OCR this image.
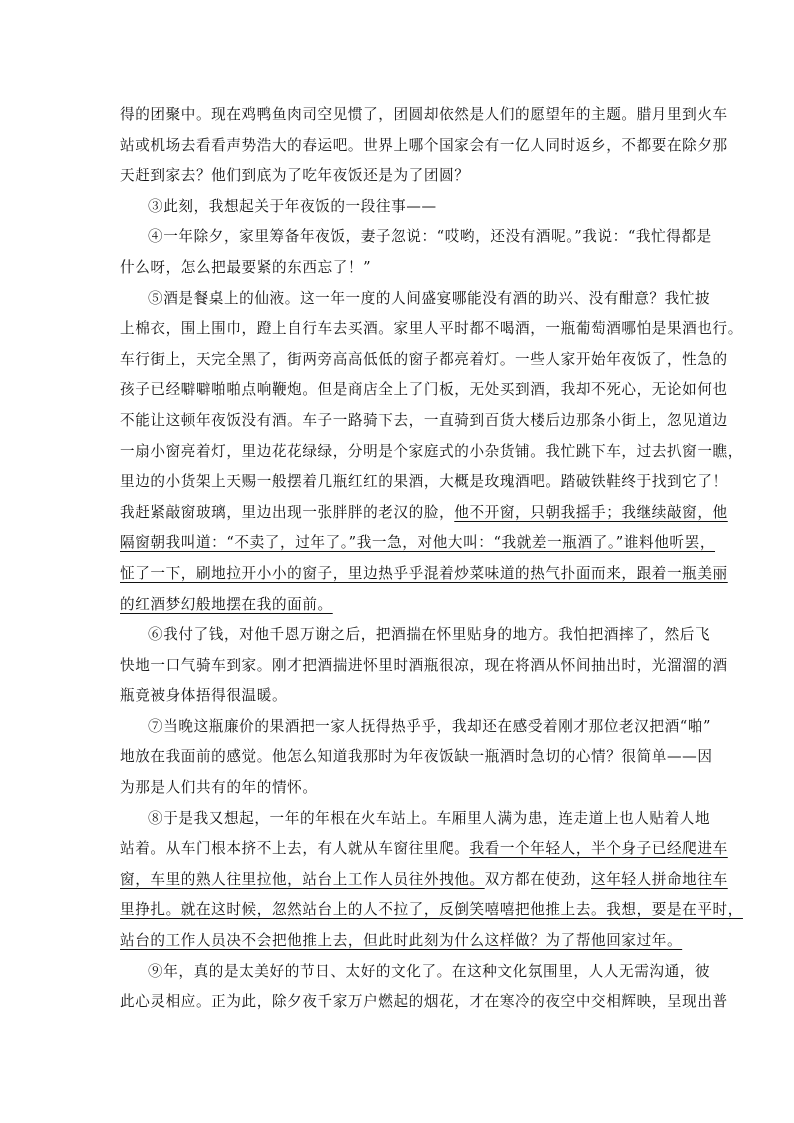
得的团聚中。现在鸡鸭鱼肉司空见惯了，团圆却依然是人们的愿望年的主题。腊月里到火车
站或机场去看看声势浩大的春运吧。世界上哪个国家会有一亿人同时返乡，不都要在除夕那
天赶到家去？他们到底为了吃年夜饭还是为了团圆？
③此刻，我想起关于年夜饭的一段往事——
④一年除夕，家里筹备年夜饭，妻子忽说：“哎哟，还没有酒呢。”我说：“我忙得都是
什么呀，怎么把最要紧的东西忘了！”
⑤酒是餐桌上的仙液。这一年一度的人间盛宴哪能没有酒的助兴、没有酣意？我忙披
上棉衣，围上围巾，蹬上自行车去买酒。家里人平时都不喝酒，一瓶葡萄酒哪怕是果酒也行。
车行街上，天完全黑了，街两旁高高低低的窗子都亮着灯。一些人家开始年夜饭了，性急的
孩子已经噼噼啪啪点响鞭炮。但是商店全上了门板，无处买到酒，我却不死心，无论如何也
不能让这顿年夜饭没有酒。车子一路骑下去，一直骑到百货大楼后边那条小街上，忽见道边
一扇小窗亮着灯，里边花花绿绿，分明是个家庭式的小杂货铺。我忙跳下车，过去扒窗一瞧，
里边的小货架上天赐一般摆着几瓶红红的果酒，大概是玫瑰酒吧。踏破铁鞋终于找到它了！
我赶紧敲窗玻璃，里边出现一张胖胖的老汉的脸，他不开窗，只朝我摇手；我继续敲窗，他
隔窗朝我叫道：“不卖了，过年了。”我一急，对他大叫：“我就差一瓶酒了。”谁料他听罢，
怔了一下，刷地拉开小小的窗子，里边热乎乎混着炒菜味道的热气扑面而来，跟着一瓶美丽
的红酒梦幻般地摆在我的面前。
⑥我付了钱，对他千恩万谢之后，把酒揣在怀里贴身的地方。我怕把酒摔了，然后飞
快地一口气骑车到家。刚才把酒揣进怀里时酒瓶很凉，现在将酒从怀间抽出时，光溜溜的酒
瓶竟被身体捂得很温暖。
⑦当晚这瓶廉价的果酒把一家人抚得热乎乎，我却还在感受着刚才那位老汉把酒“啪”
地放在我面前的感觉。他怎么知道我那时为年夜饭缺一瓶酒时急切的心情？很简单——因
为那是人们共有的年的情怀。
⑧于是我又想起，一年的年根在火车站上。车厢里人满为患，连走道上也人贴着人地
站着。从车门根本挤不上去，有人就从车窗往里爬。我看一个年轻人，半个身子已经爬进车
窗，车里的熟人往里拉他，站台上工作人员往外拽他。双方都在使劲，这年轻人拼命地往车
里挣扎。就在这时候，忽然站台上的人不拉了，反倒笑嘻嘻把他推上去。我想，要是在平时，
站台的工作人员决不会把他推上去，但此时此刻为什么这样做？为了帮他回家过年。
⑨年，真的是太美好的节日、太好的文化了。在这种文化氛围里，人人无需沟通，彼
此心灵相应。正为此，除夕夜千家万户燃起的烟花，才在寒冷的夜空中交相辉映，呈现出普
